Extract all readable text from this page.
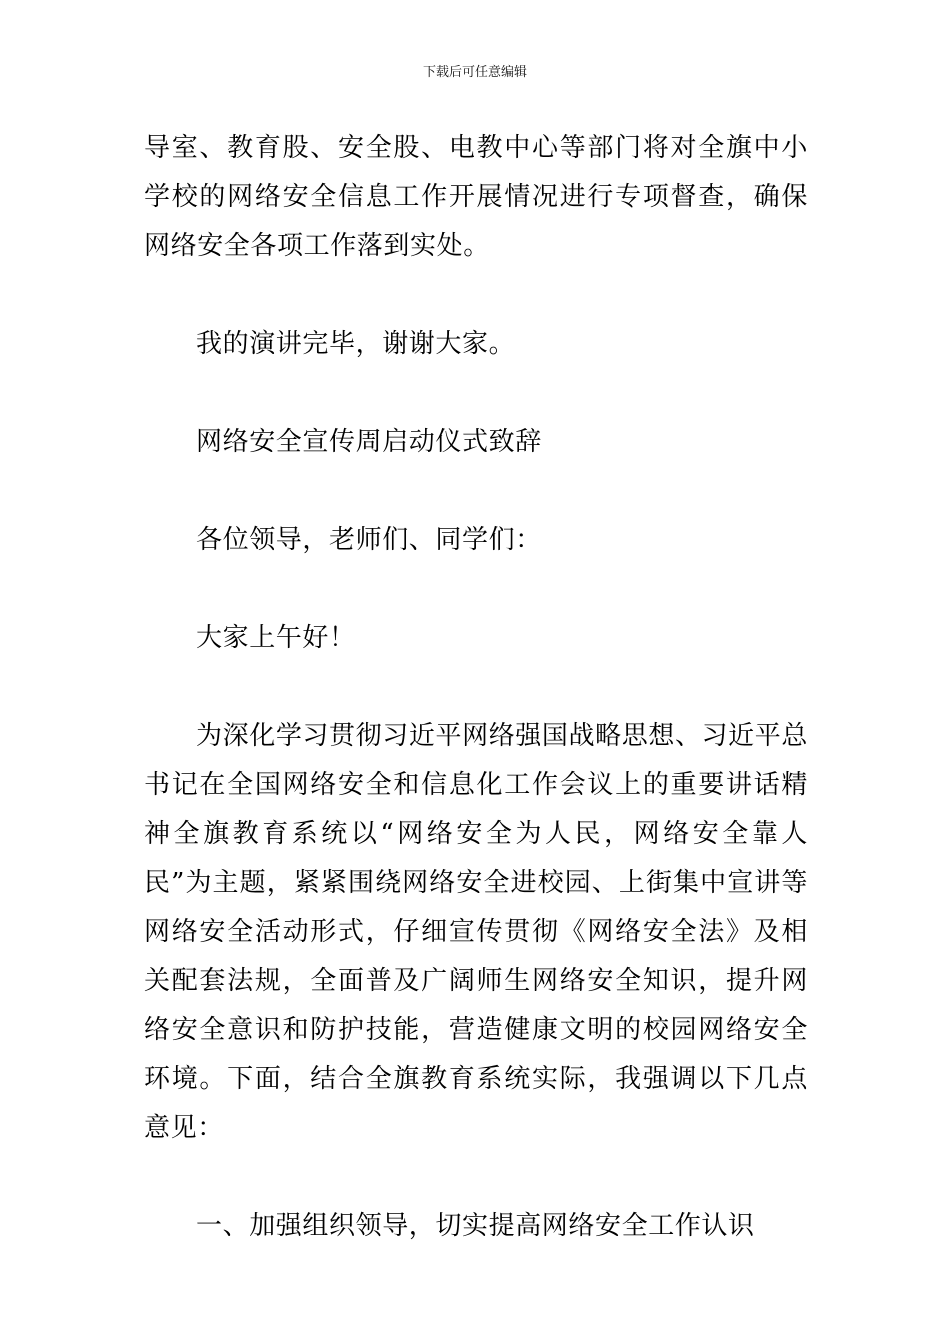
下载后可任意编辑

导室、教育股、安全股、电教中心等部门将对全旗中小学校的网络安全信息工作开展情况进行专项督查，确保网络安全各项工作落到实处。

我的演讲完毕，谢谢大家。

网络安全宣传周启动仪式致辞

各位领导，老师们、同学们：

大家上午好！

为深化学习贯彻习近平网络强国战略思想、习近平总书记在全国网络安全和信息化工作会议上的重要讲话精神全旗教育系统以“网络安全为人民，网络安全靠人民”为主题，紧紧围绕网络安全进校园、上街集中宣讲等网络安全活动形式，仔细宣传贯彻《网络安全法》及相关配套法规，全面普及广阔师生网络安全知识，提升网络安全意识和防护技能，营造健康文明的校园网络安全环境。下面，结合全旗教育系统实际，我强调以下几点意见：

一、加强组织领导，切实提高网络安全工作认识
